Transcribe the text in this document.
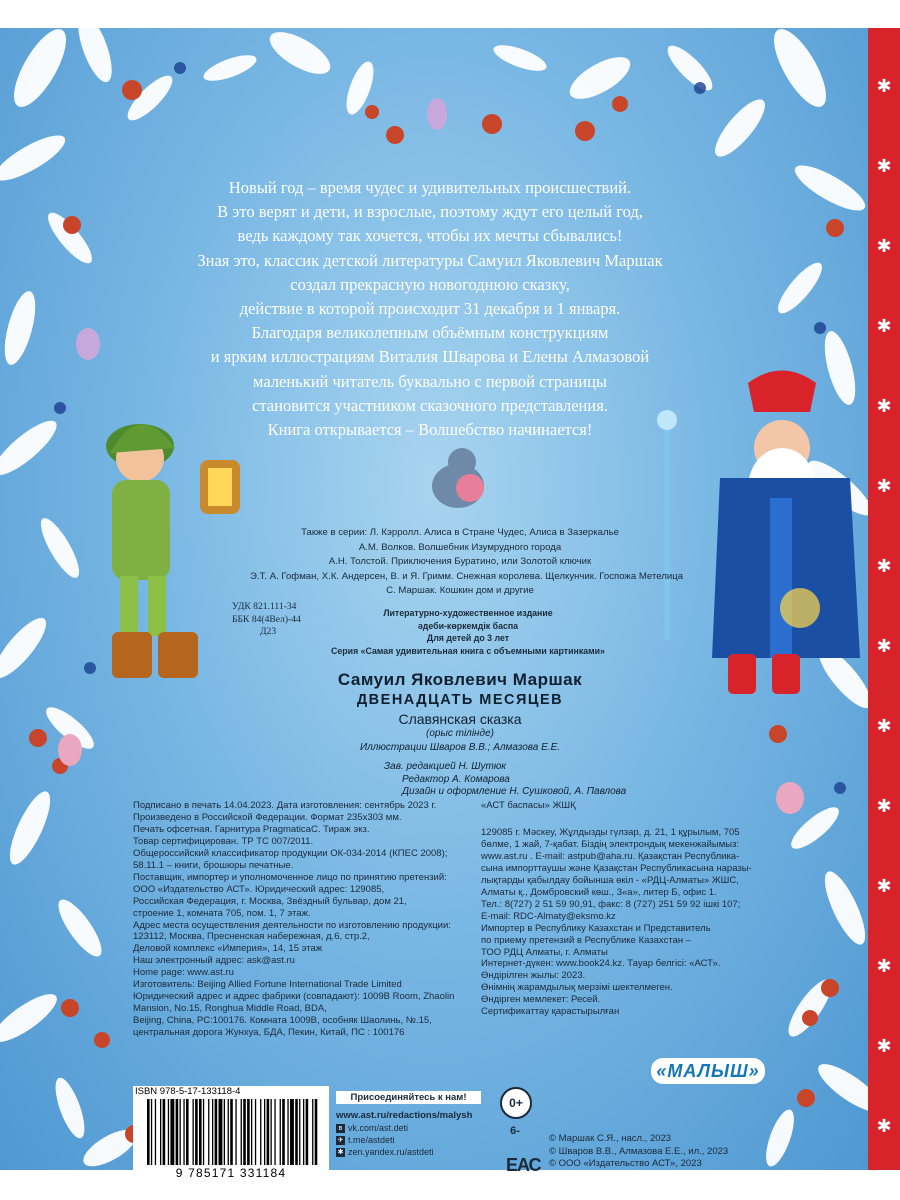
Новый год – время чудес и удивительных происшествий.
В это верят и дети, и взрослые, поэтому ждут его целый год,
ведь каждому так хочется, чтобы их мечты сбывались!
Зная это, классик детской литературы Самуил Яковлевич Маршак
создал прекрасную новогоднюю сказку,
действие в которой происходит 31 декабря и 1 января.
Благодаря великолепным объёмным конструкциям
и ярким иллюстрациям Виталия Шварова и Елены Алмазовой
маленький читатель буквально с первой страницы
становится участником сказочного представления.
Книга открывается – Волшебство начинается!
Также в серии: Л. Кэрролл. Алиса в Стране Чудес, Алиса в Зазеркалье
А.М. Волков. Волшебник Изумрудного города
А.Н. Толстой. Приключения Буратино, или Золотой ключик
Э.Т. А. Гофман, Х.К. Андерсен, В. и Я. Гримм. Снежная королева. Щелкунчик. Госпожа Метелица
С. Маршак. Кошкин дом и другие
УДК 821.111-34
ББК 84(4Вел)-44
Д23
Литературно-художественное издание
әдеби-көркемдік баспа
Для детей до 3 лет
Серия «Самая удивительная книга с объемными картинками»
Самуил Яковлевич Маршак
ДВЕНАДЦАТЬ МЕСЯЦЕВ
Славянская сказка
(орыс тілінде)
Иллюстрации Шваров В.В.; Алмазова Е.Е.
Зав. редакцией Н. Шутюк
Редактор А. Комарова
Дизайн и оформление Н. Сушковой, А. Павлова
Подписано в печать 14.04.2023. Дата изготовления: сентябрь 2023 г.
Произведено в Российской Федерации. Формат 235х303 мм.
Печать офсетная. Гарнитура PragmaticaC. Тираж экз.
Товар сертифицирован. ТР ТС 007/2011.
Общероссийский классификатор продукции ОК-034-2014 (КПЕС 2008);
58.11.1 – книги, брошюры печатные.
Поставщик, импортер и уполномоченное лицо по принятию претензий:
ООО «Издательство АСТ». Юридический адрес: 129085,
Российская Федерация, г. Москва, Звёздный бульвар, дом 21,
строение 1, комната 705, пом. 1, 7 этаж.
Адрес места осуществления деятельности по изготовлению продукции:
123112, Москва, Пресненская набережная, д.6, стр.2,
Деловой комплекс «Империя», 14, 15 этаж
Наш электронный адрес: ask@ast.ru
Home page: www.ast.ru
Изготовитель: Beijing Allied Fortune International Trade Limited
Юридический адрес и адрес фабрики (совпадают): 1009B Room, Zhaolin
Mansion, No.15, Ronghua Middle Road, BDA,
Beijing, China, PC:100176. Комната 1009B, особняк Шаолинь, №.15,
центральная дорога Жунхуа, БДА, Пекин, Китай, ПС : 100176
«АСТ баспасы» ЖШҚ
129085 г. Мәскеу, Жұлдызды гүлзар, д. 21, 1 құрылым, 705
бөлме, 1 жай, 7-қабат. Біздің электрондық мекенжайымыз:
www.ast.ru . E-mail: astpub@aha.ru. Қазақстан Республика-
сына импорттаушы және Қазақстан Республикасына наразы-
лықтарды қабылдау бойынша өкіл - «РДЦ-Алматы» ЖШС,
Алматы қ., Домбровский көш., 3«а», литер Б, офис 1.
Тел.: 8(727) 2 51 59 90,91, факс: 8 (727) 251 59 92 ішкі 107;
E-mail: RDC-Almaty@eksmo.kz
Импортер в Республику Казахстан и Представитель
по приему претензий в Республике Казахстан –
ТОО РДЦ Алматы, г. Алматы
Интернет-дүкен: www.book24.kz. Тауар белгісі: «АСТ».
Өндірілген жылы: 2023.
Өнімнің жарамдылық мерзімі шектелмеген.
Өндірген мемлекет: Ресей.
Сертификаттау қарастырылған
«МАЛЫШ»
ISBN 978-5-17-133118-4
9 785171 331184
Присоединяйтесь к нам!
www.ast.ru/redactions/malysh
в vk.com/ast.deti
✈ t.me/astdeti
✱ zen.yandex.ru/astdeti
0+
6-
ЕАС
© Маршак С.Я., насл., 2023
© Шваров В.В., Алмазова Е.Е., ил., 2023
© ООО «Издательство АСТ», 2023
✱
✱
✱
✱
✱
✱
✱
✱
✱
✱
✱
✱
✱
✱
